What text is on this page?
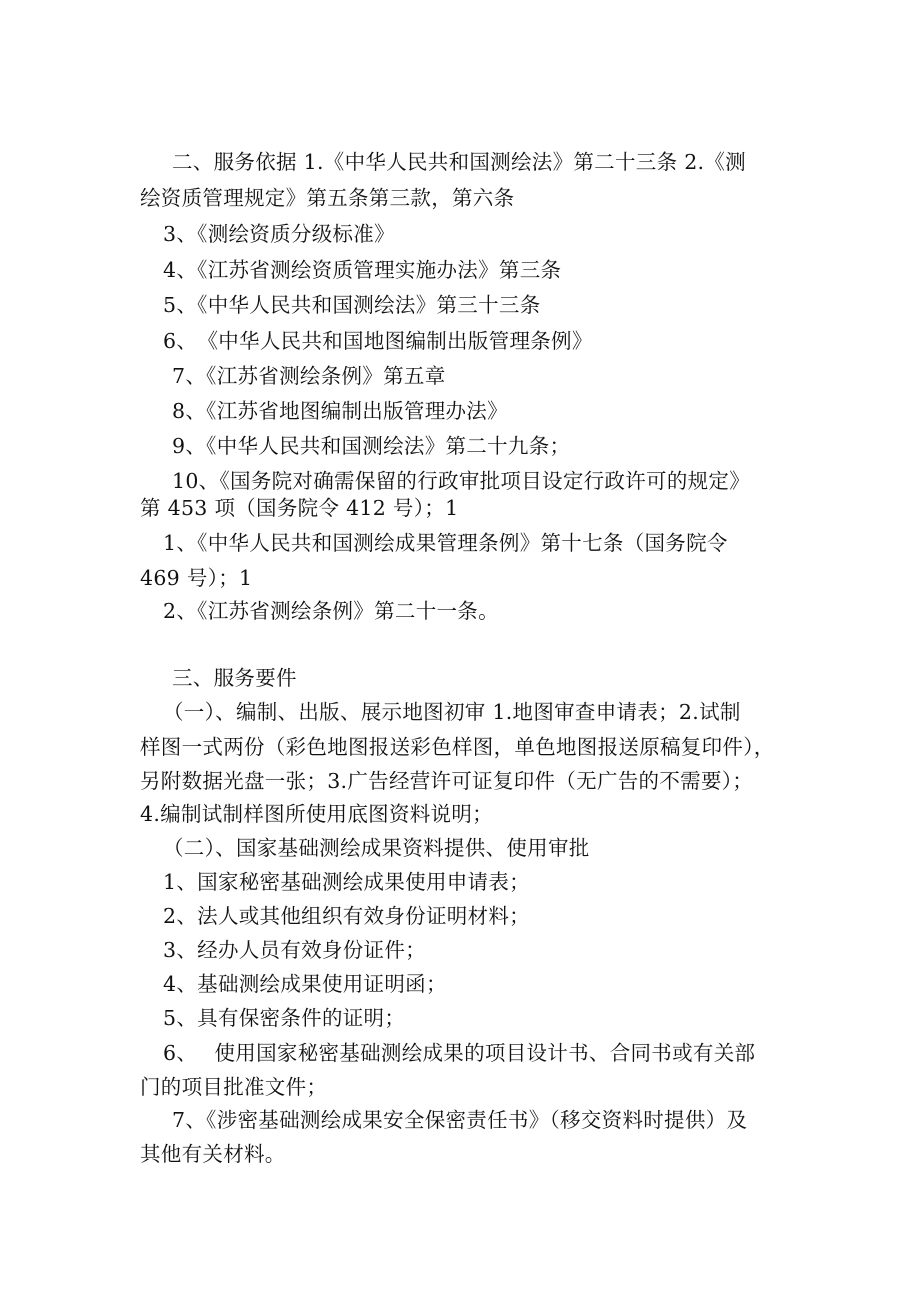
二、服务依据 1.《中华人民共和国测绘法》第二十三条 2.《测
绘资质管理规定》第五条第三款，第六条
3、《测绘资质分级标准》
4、《江苏省测绘资质管理实施办法》第三条
5、《中华人民共和国测绘法》第三十三条
6、　《中华人民共和国地图编制出版管理条例》
7、《江苏省测绘条例》第五章
8、《江苏省地图编制出版管理办法》
9、《中华人民共和国测绘法》第二十九条；
10、《国务院对确需保留的行政审批项目设定行政许可的规定》
第 453 项（国务院令 412 号）；1
1、《中华人民共和国测绘成果管理条例》第十七条（国务院令
469 号）；1
2、《江苏省测绘条例》第二十一条。
三、服务要件
（一）、编制、出版、展示地图初审 1.地图审查申请表；2.试制
样图一式两份（彩色地图报送彩色样图，单色地图报送原稿复印件），
另附数据光盘一张；3.广告经营许可证复印件（无广告的不需要）；
4.编制试制样图所使用底图资料说明；
（二）、国家基础测绘成果资料提供、使用审批
1、国家秘密基础测绘成果使用申请表；
2、法人或其他组织有效身份证明材料；
3、经办人员有效身份证件；
4、基础测绘成果使用证明函；
5、具有保密条件的证明；
6、　 使用国家秘密基础测绘成果的项目设计书、合同书或有关部
门的项目批准文件；
7、《涉密基础测绘成果安全保密责任书》（移交资料时提供）及
其他有关材料。
